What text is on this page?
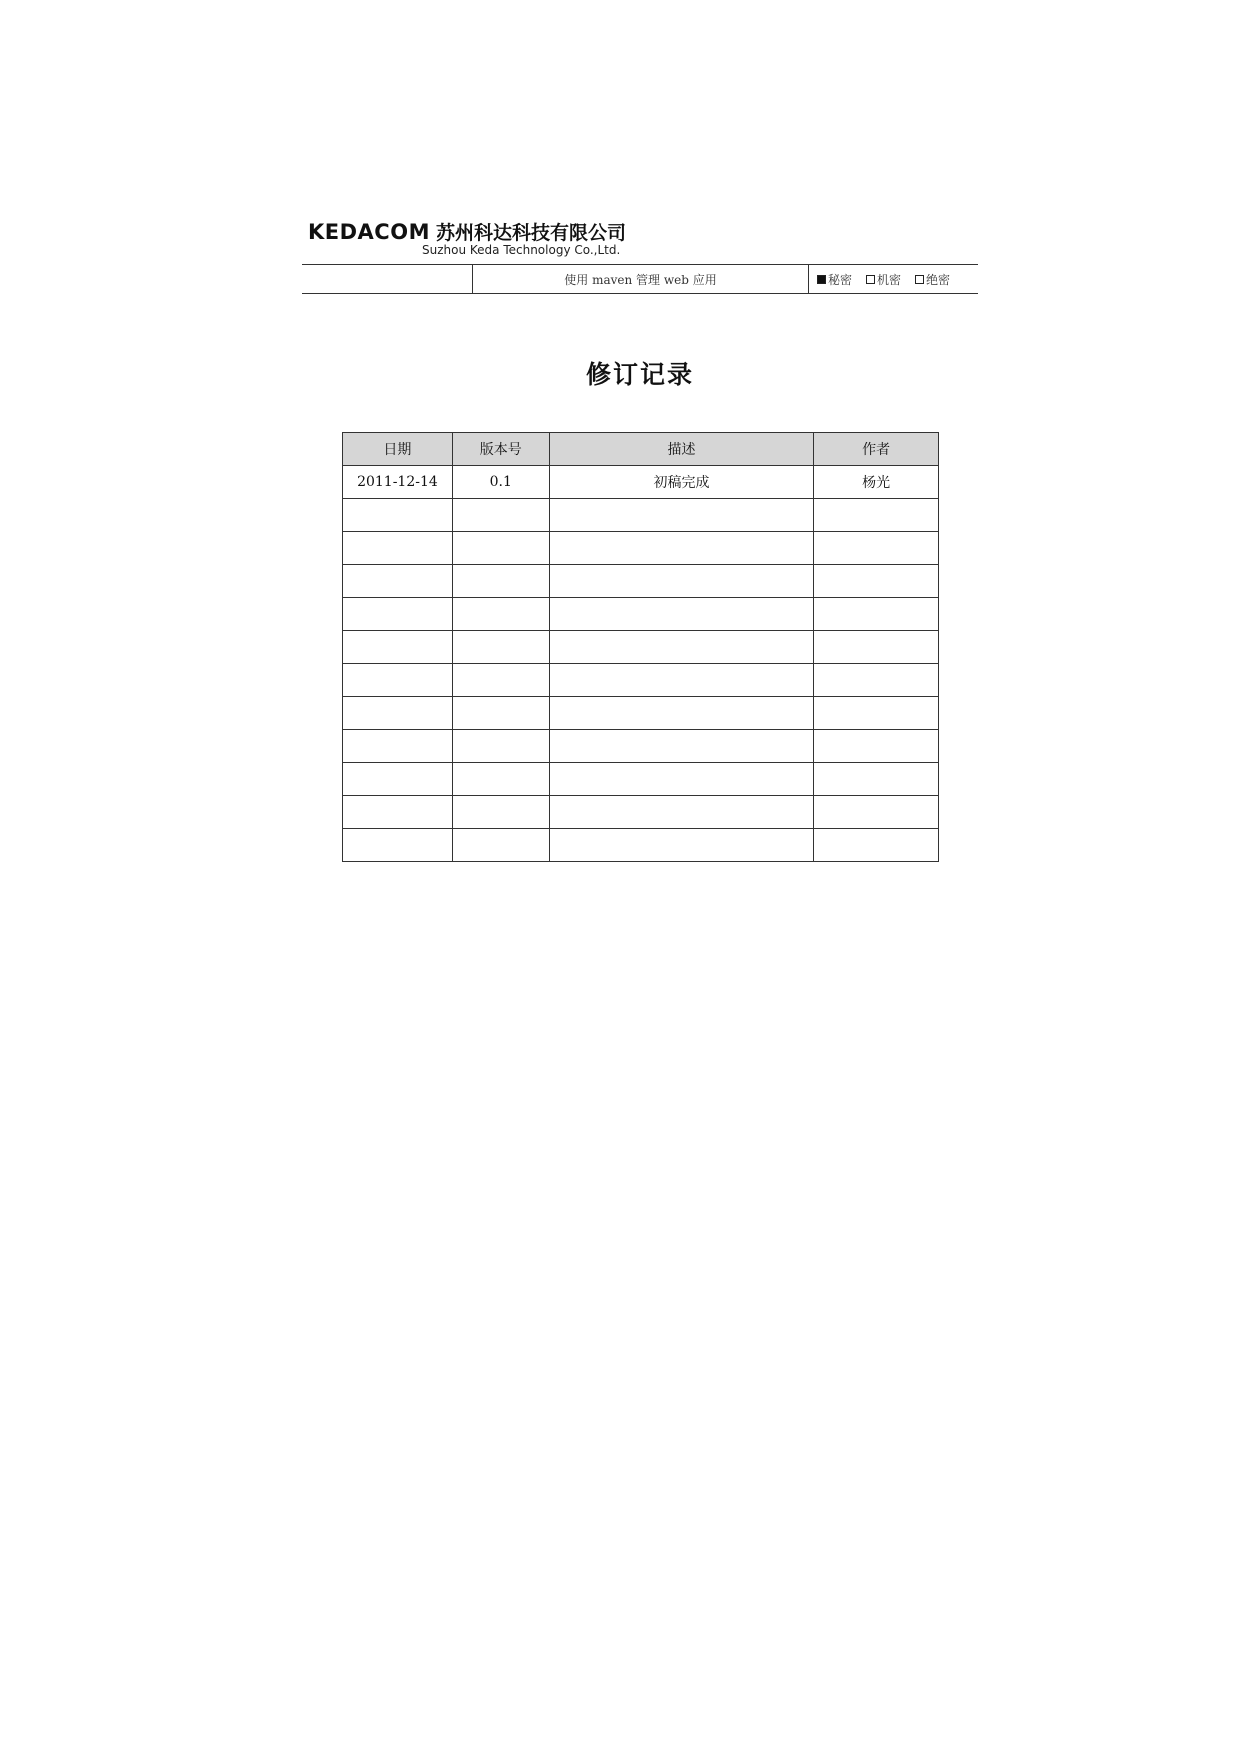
KEDACOM 苏州科达科技有限公司
Suzhou Keda Technology Co.,Ltd.
使用 maven 管理 web 应用	秘密 机密 绝密
修订记录
日期	版本号	描述	作者
2011-12-14	0.1	初稿完成	杨光
